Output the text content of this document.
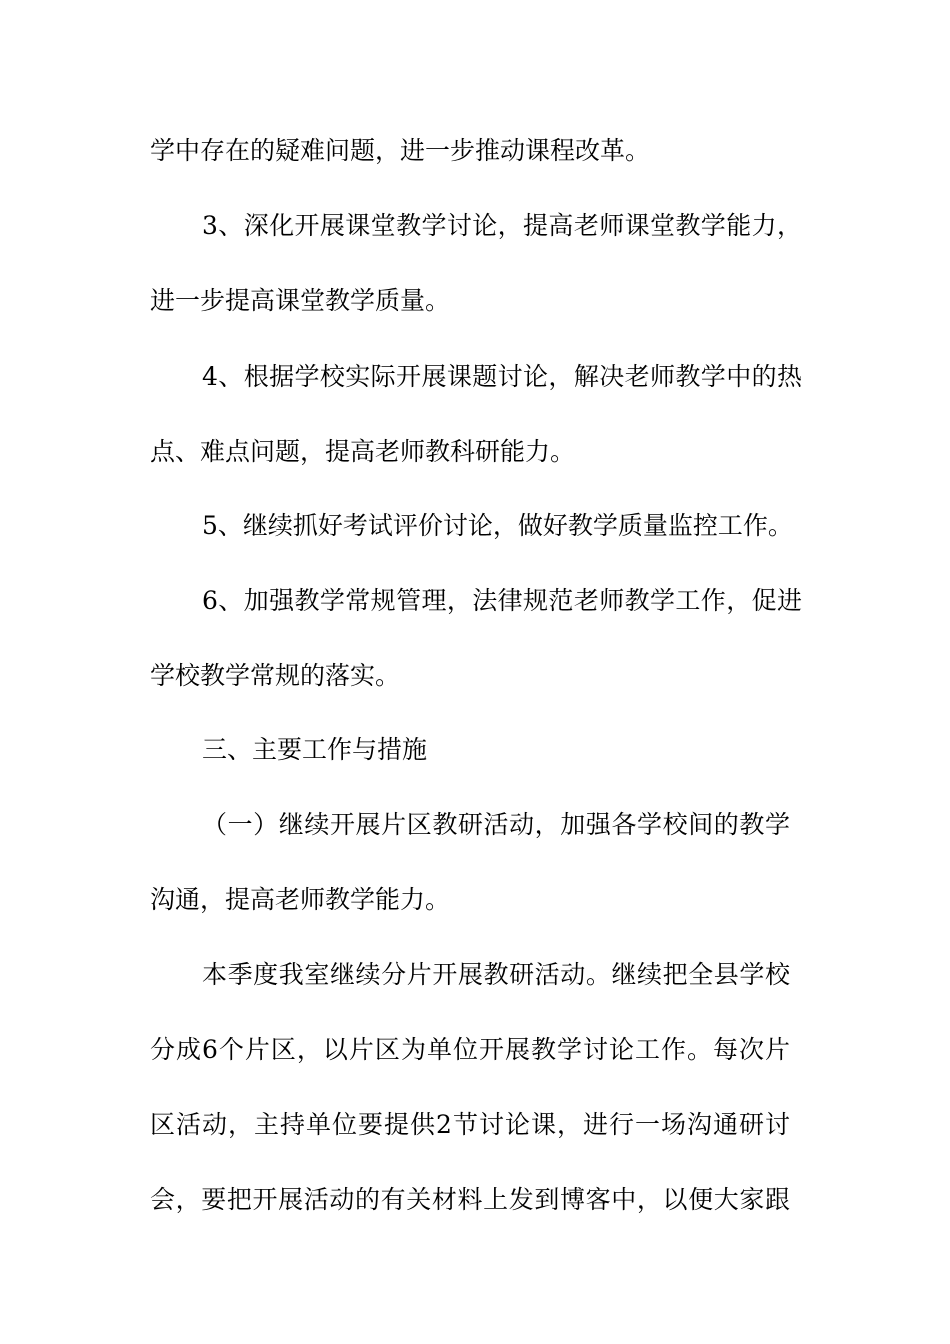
学中存在的疑难问题，进一步推动课程改革。
3、深化开展课堂教学讨论，提高老师课堂教学能力，
进一步提高课堂教学质量。
4、根据学校实际开展课题讨论，解决老师教学中的热
点、难点问题，提高老师教科研能力。
5、继续抓好考试评价讨论，做好教学质量监控工作。
6、加强教学常规管理，法律规范老师教学工作，促进
学校教学常规的落实。
三、主要工作与措施
（一）继续开展片区教研活动，加强各学校间的教学
沟通，提高老师教学能力。
本季度我室继续分片开展教研活动。继续把全县学校
分成6个片区，以片区为单位开展教学讨论工作。每次片
区活动，主持单位要提供2节讨论课，进行一场沟通研讨
会，要把开展活动的有关材料上发到博客中，以便大家跟
